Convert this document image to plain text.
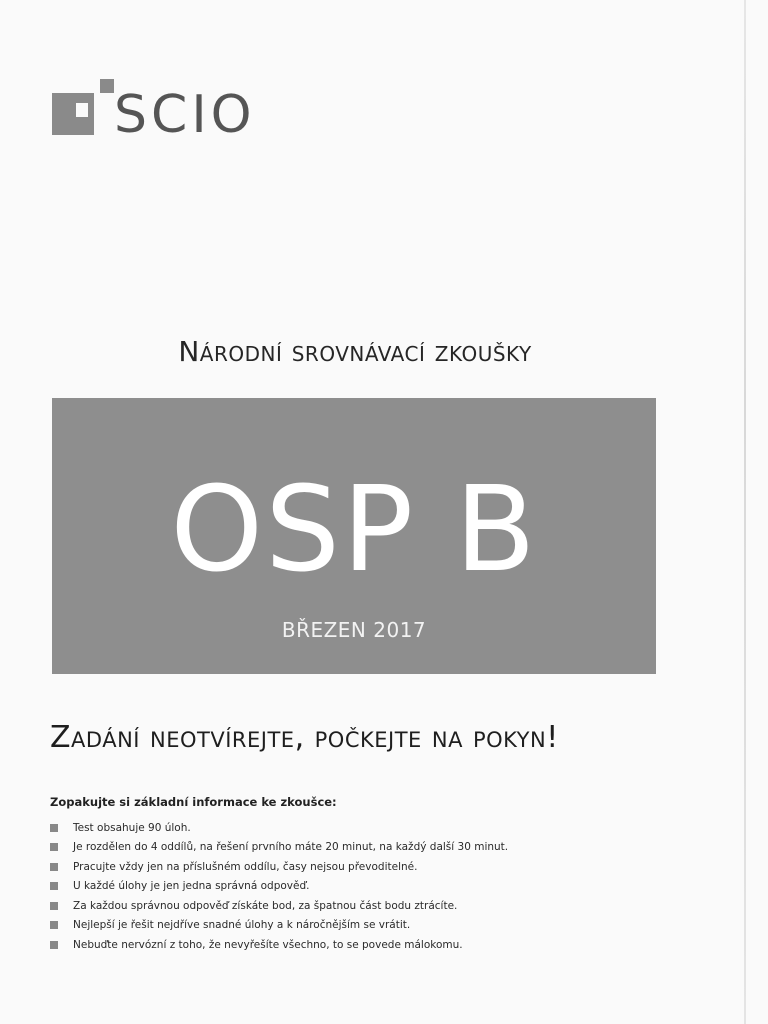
SCIO
Národní srovnávací zkoušky
OSP B
BŘEZEN 2017
Zadání neotvírejte, počkejte na pokyn!
Zopakujte si základní informace ke zkoušce:
Test obsahuje 90 úloh.
Je rozdělen do 4 oddílů, na řešení prvního máte 20 minut, na každý další 30 minut.
Pracujte vždy jen na příslušném oddílu, časy nejsou převoditelné.
U každé úlohy je jen jedna správná odpověď.
Za každou správnou odpověď získáte bod, za špatnou část bodu ztrácíte.
Nejlepší je řešit nejdříve snadné úlohy a k náročnějším se vrátit.
Nebuďte nervózní z toho, že nevyřešíte všechno, to se povede málokomu.
